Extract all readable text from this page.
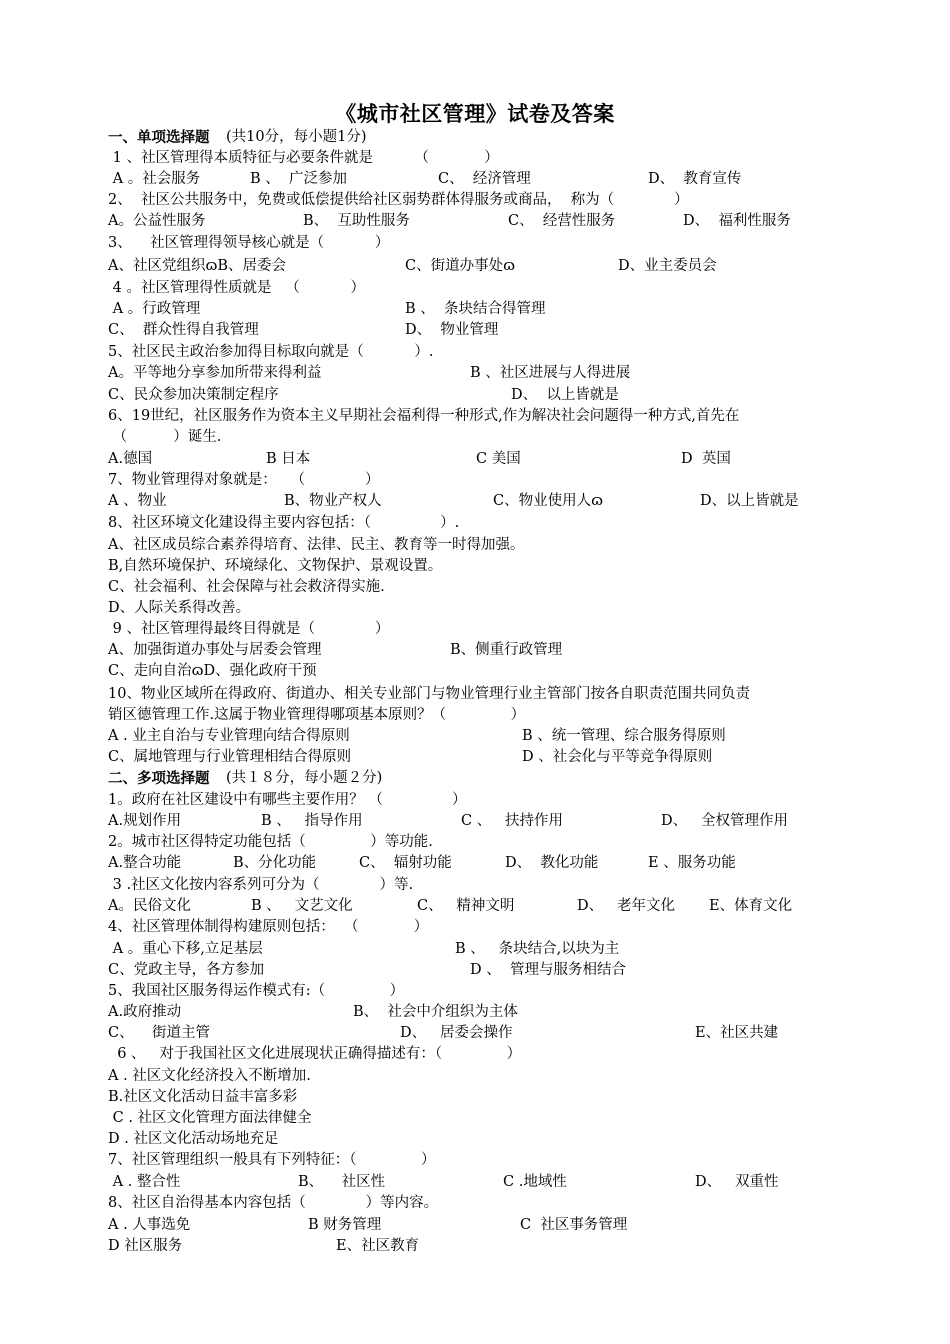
《城市社区管理》试卷及答案
1 、社区管理得本质特征与必要条件就是         （            ）
A 。社会服务	B 、  广泛参加	C、  经济管理	D、  教育宣传
2、  社区公共服务中，免费或低偿提供给社区弱势群体得服务或商品，  称为（             ）
A。公益性服务	B、  互助性服务	C、  经营性服务	D、  福利性服务
3、    社区管理得领导核心就是（           ）
A、社区党组织ɷB、居委会	C、街道办事处ɷ	D、业主委员会
4 。社区管理得性质就是   （           ）
A 。行政管理	B 、  条块结合得管理
C、  群众性得自我管理	D、  物业管理
5、社区民主政治参加得目标取向就是（           ）.
A。平等地分享参加所带来得利益	B 、社区进展与人得进展
C、民众参加决策制定程序	D、  以上皆就是
6、19世纪，社区服务作为资本主义早期社会福利得一种形式,作为解决社会问题得一种方式,首先在
（          ）诞生.
A.德国	B 日本	C 美国	D  英国
7、物业管理得对象就是：   （             ）
A 、物业	B、物业产权人	C、物业使用人ɷ	D、以上皆就是
8、社区环境文化建设得主要内容包括：（               ）.
A、社区成员综合素养得培育、法律、民主、教育等一时得加强。
B,自然环境保护、环境绿化、文物保护、景观设置。
C、社会福利、社会保障与社会救济得实施.
D、人际关系得改善。
9 、社区管理得最终目得就是（             ）
A、加强街道办事处与居委会管理	B、侧重行政管理
C、走向自治ɷD、强化政府干预
10、物业区域所在得政府、街道办、相关专业部门与物业管理行业主管部门按各自职责范围共同负责
销区德管理工作.这属于物业管理得哪项基本原则？（              ）
A . 业主自治与专业管理向结合得原则	B 、统一管理、综合服务得原则
C、属地管理与行业管理相结合得原则	D 、社会化与平等竞争得原则
1。政府在社区建设中有哪些主要作用？ （               ）
A.规划作用	B 、   指导作用	C 、   扶持作用	D、   全权管理作用
2。城市社区得特定功能包括（              ）等功能.
A.整合功能	B、分化功能	C、  辐射功能	D、  教化功能	E 、服务功能
3 .社区文化按内容系列可分为（             ）等.
A。民俗文化	B 、   文艺文化	C、   精神文明	D、   老年文化 E、体育文化
4、社区管理体制得构建原则包括：  （            ）
A 。重心下移,立足基层	B 、   条块结合,以块为主
C、党政主导，各方参加	D 、  管理与服务相结合
5、我国社区服务得运作模式有:（              ）
A.政府推动	B、  社会中介组织为主体
C、    街道主管	D、   居委会操作	E、社区共建
6 、   对于我国社区文化进展现状正确得描述有：（              ）
A . 社区文化经济投入不断增加.
B.社区文化活动日益丰富多彩
C . 社区文化管理方面法律健全
D . 社区文化活动场地充足
7、社区管理组织一般具有下列特征：（              ）
A . 整合性	B、    社区性	C .地域性	D、   双重性
8、社区自治得基本内容包括（             ）等内容。
A . 人事选免	B 财务管理	C  社区事务管理
D 社区服务	E、社区教育
一、单项选择题 (共10分，每小题1分)
二、多项选择题 (共１８分，每小题２分)
